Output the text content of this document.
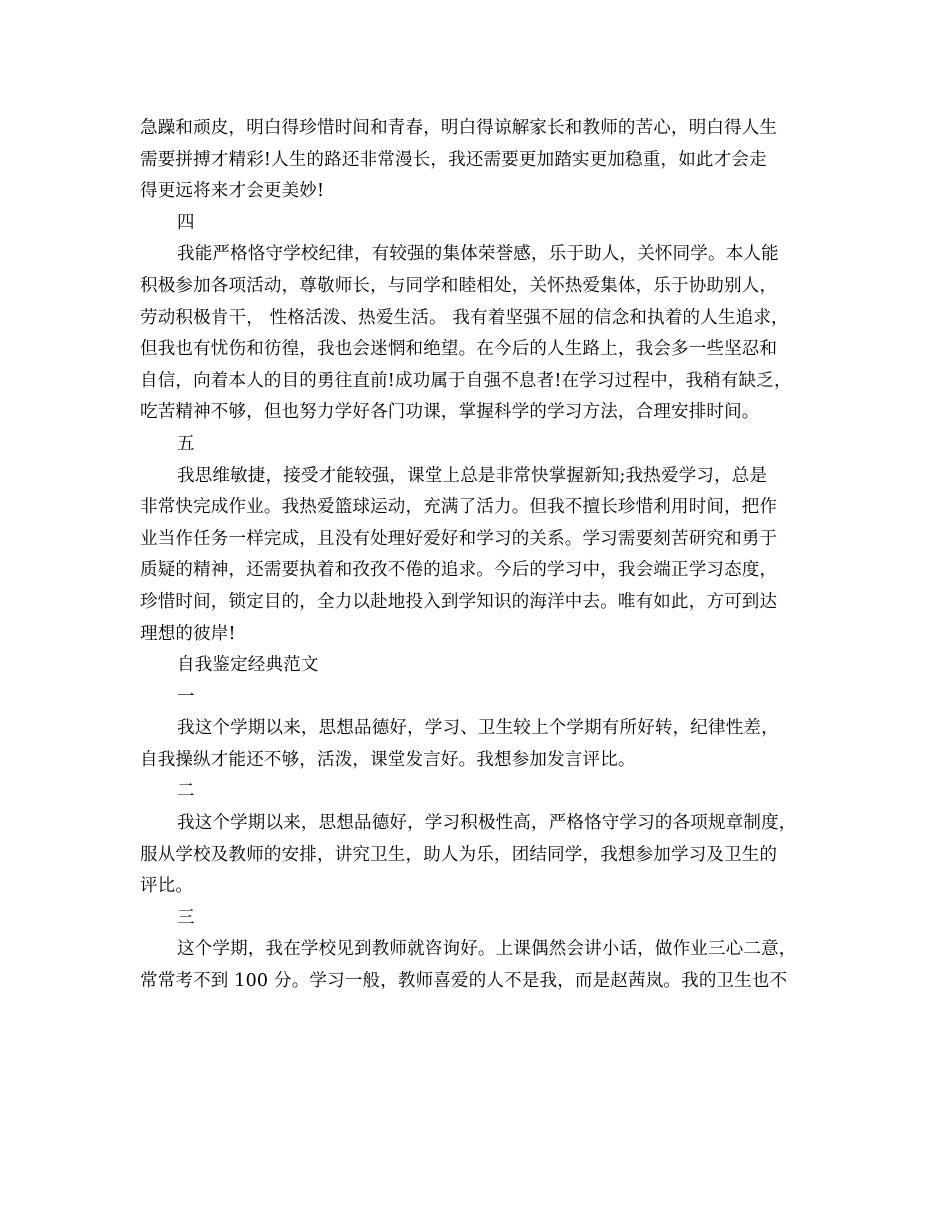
急躁和顽皮，明白得珍惜时间和青春，明白得谅解家长和教师的苦心，明白得人生
需要拼搏才精彩!人生的路还非常漫长，我还需要更加踏实更加稳重，如此才会走
得更远将来才会更美妙!
四
我能严格恪守学校纪律，有较强的集体荣誉感，乐于助人，关怀同学。本人能
积极参加各项活动，尊敬师长，与同学和睦相处，关怀热爱集体，乐于协助别人，
劳动积极肯干， 性格活泼、热爱生活。 我有着坚强不屈的信念和执着的人生追求，
但我也有忧伤和彷徨，我也会迷惘和绝望。在今后的人生路上，我会多一些坚忍和
自信，向着本人的目的勇往直前!成功属于自强不息者!在学习过程中，我稍有缺乏，
吃苦精神不够，但也努力学好各门功课，掌握科学的学习方法，合理安排时间。
五
我思维敏捷，接受才能较强，课堂上总是非常快掌握新知;我热爱学习，总是
非常快完成作业。我热爱篮球运动，充满了活力。但我不擅长珍惜利用时间，把作
业当作任务一样完成，且没有处理好爱好和学习的关系。学习需要刻苦研究和勇于
质疑的精神，还需要执着和孜孜不倦的追求。今后的学习中，我会端正学习态度，
珍惜时间，锁定目的，全力以赴地投入到学知识的海洋中去。唯有如此，方可到达
理想的彼岸!
自我鉴定经典范文
一
我这个学期以来，思想品德好，学习、卫生较上个学期有所好转，纪律性差，
自我操纵才能还不够，活泼，课堂发言好。我想参加发言评比。
二
我这个学期以来，思想品德好，学习积极性高，严格恪守学习的各项规章制度，
服从学校及教师的安排，讲究卫生，助人为乐，团结同学，我想参加学习及卫生的
评比。
三
这个学期，我在学校见到教师就咨询好。上课偶然会讲小话，做作业三心二意，
常常考不到 100 分。学习一般，教师喜爱的人不是我，而是赵茜岚。我的卫生也不
